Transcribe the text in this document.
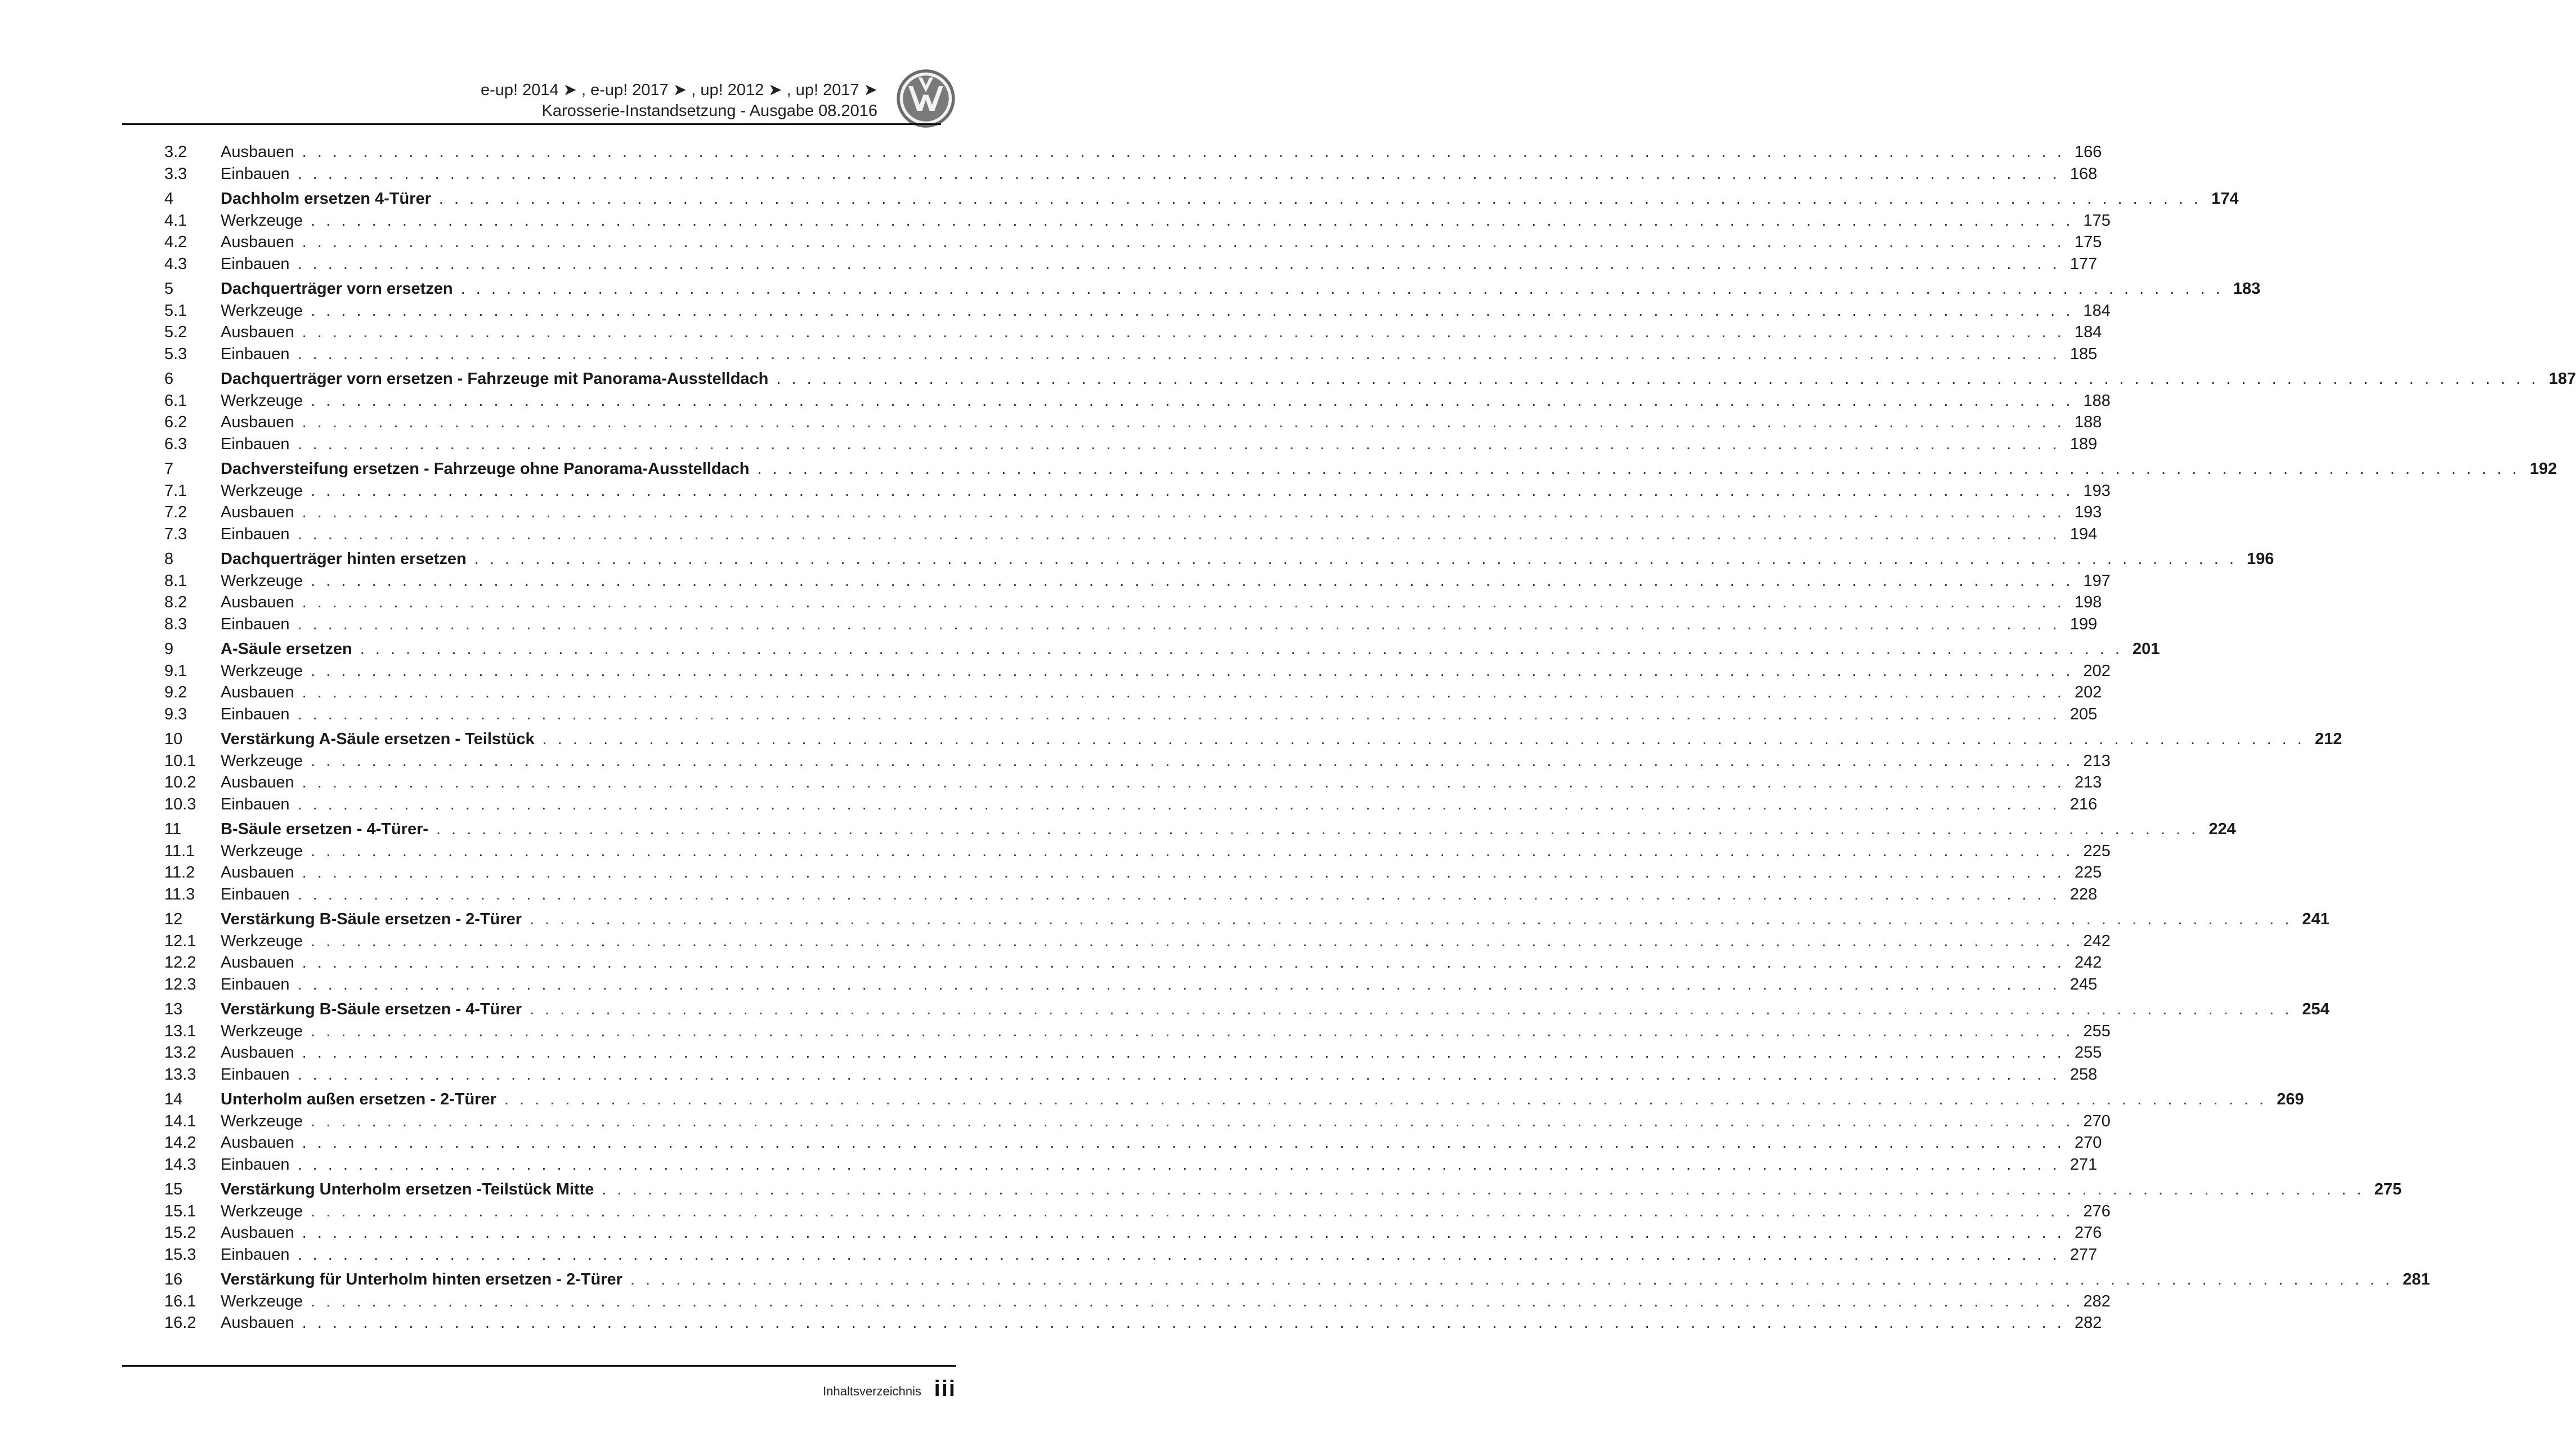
e-up! 2014 ➤ , e-up! 2017 ➤ , up! 2012 ➤ , up! 2017 ➤
Karosserie-Instandsetzung - Ausgabe 08.2016
3.2	Ausbauen . . . . . . . . . . . . . . . . . . . . . . . . . . . . . . . . . . . . . . . . . . . . . . . . . . . . . . . . . . . . . . . . . . . . . . . . . . . . . . . . . . . . . . . . . . . . . . . . . . . . . . . . . . . . . . . . . . . . 166
3.3	Einbauen . . . . . . . . . . . . . . . . . . . . . . . . . . . . . . . . . . . . . . . . . . . . . . . . . . . . . . . . . . . . . . . . . . . . . . . . . . . . . . . . . . . . . . . . . . . . . . . . . . . . . . . . . . . . . . . . . . . . 168
4	Dachholm ersetzen 4-Türer . . . . . . . . . . . . . . . . . . . . . . . . . . . . . . . . . . . . . . . . . . . . . . . . . . . . . . . . . . . . . . . . . . . . . . . . . . . . . . . . . . . . . . . . . . . . . . . . . . . . . . . . . . . . . . . . . . . . 174
4.1	Werkzeuge . . . . . . . . . . . . . . . . . . . . . . . . . . . . . . . . . . . . . . . . . . . . . . . . . . . . . . . . . . . . . . . . . . . . . . . . . . . . . . . . . . . . . . . . . . . . . . . . . . . . . . . . . . . . . . . . . . . . 175
4.2	Ausbauen . . . . . . . . . . . . . . . . . . . . . . . . . . . . . . . . . . . . . . . . . . . . . . . . . . . . . . . . . . . . . . . . . . . . . . . . . . . . . . . . . . . . . . . . . . . . . . . . . . . . . . . . . . . . . . . . . . . . 175
4.3	Einbauen . . . . . . . . . . . . . . . . . . . . . . . . . . . . . . . . . . . . . . . . . . . . . . . . . . . . . . . . . . . . . . . . . . . . . . . . . . . . . . . . . . . . . . . . . . . . . . . . . . . . . . . . . . . . . . . . . . . . 177
5	Dachquerträger vorn ersetzen . . . . . . . . . . . . . . . . . . . . . . . . . . . . . . . . . . . . . . . . . . . . . . . . . . . . . . . . . . . . . . . . . . . . . . . . . . . . . . . . . . . . . . . . . . . . . . . . . . . . . . . . . . . . . . . . . . . . 183
5.1	Werkzeuge . . . . . . . . . . . . . . . . . . . . . . . . . . . . . . . . . . . . . . . . . . . . . . . . . . . . . . . . . . . . . . . . . . . . . . . . . . . . . . . . . . . . . . . . . . . . . . . . . . . . . . . . . . . . . . . . . . . . 184
5.2	Ausbauen . . . . . . . . . . . . . . . . . . . . . . . . . . . . . . . . . . . . . . . . . . . . . . . . . . . . . . . . . . . . . . . . . . . . . . . . . . . . . . . . . . . . . . . . . . . . . . . . . . . . . . . . . . . . . . . . . . . . 184
5.3	Einbauen . . . . . . . . . . . . . . . . . . . . . . . . . . . . . . . . . . . . . . . . . . . . . . . . . . . . . . . . . . . . . . . . . . . . . . . . . . . . . . . . . . . . . . . . . . . . . . . . . . . . . . . . . . . . . . . . . . . . 185
6	Dachquerträger vorn ersetzen - Fahrzeuge mit Panorama-Ausstelldach . . . . . . . . . . . . . . . . . . . . . . . . . . . . . . . . . . . . . . . . . . . . . . . . . . . . . . . . . . . . . . . . . . . . . . . . . . . . . . . . . . . . . . . . . . . . . . . . . . . . . . . . . . . . . . . . . . . . 187
6.1	Werkzeuge . . . . . . . . . . . . . . . . . . . . . . . . . . . . . . . . . . . . . . . . . . . . . . . . . . . . . . . . . . . . . . . . . . . . . . . . . . . . . . . . . . . . . . . . . . . . . . . . . . . . . . . . . . . . . . . . . . . . 188
6.2	Ausbauen . . . . . . . . . . . . . . . . . . . . . . . . . . . . . . . . . . . . . . . . . . . . . . . . . . . . . . . . . . . . . . . . . . . . . . . . . . . . . . . . . . . . . . . . . . . . . . . . . . . . . . . . . . . . . . . . . . . . 188
6.3	Einbauen . . . . . . . . . . . . . . . . . . . . . . . . . . . . . . . . . . . . . . . . . . . . . . . . . . . . . . . . . . . . . . . . . . . . . . . . . . . . . . . . . . . . . . . . . . . . . . . . . . . . . . . . . . . . . . . . . . . . 189
7	Dachversteifung ersetzen - Fahrzeuge ohne Panorama-Ausstelldach . . . . . . . . . . . . . . . . . . . . . . . . . . . . . . . . . . . . . . . . . . . . . . . . . . . . . . . . . . . . . . . . . . . . . . . . . . . . . . . . . . . . . . . . . . . . . . . . . . . . . . . . . . . . . . . . . . . . 192
7.1	Werkzeuge . . . . . . . . . . . . . . . . . . . . . . . . . . . . . . . . . . . . . . . . . . . . . . . . . . . . . . . . . . . . . . . . . . . . . . . . . . . . . . . . . . . . . . . . . . . . . . . . . . . . . . . . . . . . . . . . . . . . 193
7.2	Ausbauen . . . . . . . . . . . . . . . . . . . . . . . . . . . . . . . . . . . . . . . . . . . . . . . . . . . . . . . . . . . . . . . . . . . . . . . . . . . . . . . . . . . . . . . . . . . . . . . . . . . . . . . . . . . . . . . . . . . . 193
7.3	Einbauen . . . . . . . . . . . . . . . . . . . . . . . . . . . . . . . . . . . . . . . . . . . . . . . . . . . . . . . . . . . . . . . . . . . . . . . . . . . . . . . . . . . . . . . . . . . . . . . . . . . . . . . . . . . . . . . . . . . . 194
8	Dachquerträger hinten ersetzen . . . . . . . . . . . . . . . . . . . . . . . . . . . . . . . . . . . . . . . . . . . . . . . . . . . . . . . . . . . . . . . . . . . . . . . . . . . . . . . . . . . . . . . . . . . . . . . . . . . . . . . . . . . . . . . . . . . . 196
8.1	Werkzeuge . . . . . . . . . . . . . . . . . . . . . . . . . . . . . . . . . . . . . . . . . . . . . . . . . . . . . . . . . . . . . . . . . . . . . . . . . . . . . . . . . . . . . . . . . . . . . . . . . . . . . . . . . . . . . . . . . . . . 197
8.2	Ausbauen . . . . . . . . . . . . . . . . . . . . . . . . . . . . . . . . . . . . . . . . . . . . . . . . . . . . . . . . . . . . . . . . . . . . . . . . . . . . . . . . . . . . . . . . . . . . . . . . . . . . . . . . . . . . . . . . . . . . 198
8.3	Einbauen . . . . . . . . . . . . . . . . . . . . . . . . . . . . . . . . . . . . . . . . . . . . . . . . . . . . . . . . . . . . . . . . . . . . . . . . . . . . . . . . . . . . . . . . . . . . . . . . . . . . . . . . . . . . . . . . . . . . 199
9	A-Säule ersetzen . . . . . . . . . . . . . . . . . . . . . . . . . . . . . . . . . . . . . . . . . . . . . . . . . . . . . . . . . . . . . . . . . . . . . . . . . . . . . . . . . . . . . . . . . . . . . . . . . . . . . . . . . . . . . . . . . . . . 201
9.1	Werkzeuge . . . . . . . . . . . . . . . . . . . . . . . . . . . . . . . . . . . . . . . . . . . . . . . . . . . . . . . . . . . . . . . . . . . . . . . . . . . . . . . . . . . . . . . . . . . . . . . . . . . . . . . . . . . . . . . . . . . . 202
9.2	Ausbauen . . . . . . . . . . . . . . . . . . . . . . . . . . . . . . . . . . . . . . . . . . . . . . . . . . . . . . . . . . . . . . . . . . . . . . . . . . . . . . . . . . . . . . . . . . . . . . . . . . . . . . . . . . . . . . . . . . . . 202
9.3	Einbauen . . . . . . . . . . . . . . . . . . . . . . . . . . . . . . . . . . . . . . . . . . . . . . . . . . . . . . . . . . . . . . . . . . . . . . . . . . . . . . . . . . . . . . . . . . . . . . . . . . . . . . . . . . . . . . . . . . . . 205
10	Verstärkung A-Säule ersetzen - Teilstück . . . . . . . . . . . . . . . . . . . . . . . . . . . . . . . . . . . . . . . . . . . . . . . . . . . . . . . . . . . . . . . . . . . . . . . . . . . . . . . . . . . . . . . . . . . . . . . . . . . . . . . . . . . . . . . . . . . . 212
10.1	Werkzeuge . . . . . . . . . . . . . . . . . . . . . . . . . . . . . . . . . . . . . . . . . . . . . . . . . . . . . . . . . . . . . . . . . . . . . . . . . . . . . . . . . . . . . . . . . . . . . . . . . . . . . . . . . . . . . . . . . . . . 213
10.2	Ausbauen . . . . . . . . . . . . . . . . . . . . . . . . . . . . . . . . . . . . . . . . . . . . . . . . . . . . . . . . . . . . . . . . . . . . . . . . . . . . . . . . . . . . . . . . . . . . . . . . . . . . . . . . . . . . . . . . . . . . 213
10.3	Einbauen . . . . . . . . . . . . . . . . . . . . . . . . . . . . . . . . . . . . . . . . . . . . . . . . . . . . . . . . . . . . . . . . . . . . . . . . . . . . . . . . . . . . . . . . . . . . . . . . . . . . . . . . . . . . . . . . . . . . 216
11	B-Säule ersetzen - 4-Türer- . . . . . . . . . . . . . . . . . . . . . . . . . . . . . . . . . . . . . . . . . . . . . . . . . . . . . . . . . . . . . . . . . . . . . . . . . . . . . . . . . . . . . . . . . . . . . . . . . . . . . . . . . . . . . . . . . . . . 224
11.1	Werkzeuge . . . . . . . . . . . . . . . . . . . . . . . . . . . . . . . . . . . . . . . . . . . . . . . . . . . . . . . . . . . . . . . . . . . . . . . . . . . . . . . . . . . . . . . . . . . . . . . . . . . . . . . . . . . . . . . . . . . . 225
11.2	Ausbauen . . . . . . . . . . . . . . . . . . . . . . . . . . . . . . . . . . . . . . . . . . . . . . . . . . . . . . . . . . . . . . . . . . . . . . . . . . . . . . . . . . . . . . . . . . . . . . . . . . . . . . . . . . . . . . . . . . . . 225
11.3	Einbauen . . . . . . . . . . . . . . . . . . . . . . . . . . . . . . . . . . . . . . . . . . . . . . . . . . . . . . . . . . . . . . . . . . . . . . . . . . . . . . . . . . . . . . . . . . . . . . . . . . . . . . . . . . . . . . . . . . . . 228
12	Verstärkung B-Säule ersetzen - 2-Türer . . . . . . . . . . . . . . . . . . . . . . . . . . . . . . . . . . . . . . . . . . . . . . . . . . . . . . . . . . . . . . . . . . . . . . . . . . . . . . . . . . . . . . . . . . . . . . . . . . . . . . . . . . . . . . . . . . . . 241
12.1	Werkzeuge . . . . . . . . . . . . . . . . . . . . . . . . . . . . . . . . . . . . . . . . . . . . . . . . . . . . . . . . . . . . . . . . . . . . . . . . . . . . . . . . . . . . . . . . . . . . . . . . . . . . . . . . . . . . . . . . . . . . 242
12.2	Ausbauen . . . . . . . . . . . . . . . . . . . . . . . . . . . . . . . . . . . . . . . . . . . . . . . . . . . . . . . . . . . . . . . . . . . . . . . . . . . . . . . . . . . . . . . . . . . . . . . . . . . . . . . . . . . . . . . . . . . . 242
12.3	Einbauen . . . . . . . . . . . . . . . . . . . . . . . . . . . . . . . . . . . . . . . . . . . . . . . . . . . . . . . . . . . . . . . . . . . . . . . . . . . . . . . . . . . . . . . . . . . . . . . . . . . . . . . . . . . . . . . . . . . . 245
13	Verstärkung B-Säule ersetzen - 4-Türer . . . . . . . . . . . . . . . . . . . . . . . . . . . . . . . . . . . . . . . . . . . . . . . . . . . . . . . . . . . . . . . . . . . . . . . . . . . . . . . . . . . . . . . . . . . . . . . . . . . . . . . . . . . . . . . . . . . . 254
13.1	Werkzeuge . . . . . . . . . . . . . . . . . . . . . . . . . . . . . . . . . . . . . . . . . . . . . . . . . . . . . . . . . . . . . . . . . . . . . . . . . . . . . . . . . . . . . . . . . . . . . . . . . . . . . . . . . . . . . . . . . . . . 255
13.2	Ausbauen . . . . . . . . . . . . . . . . . . . . . . . . . . . . . . . . . . . . . . . . . . . . . . . . . . . . . . . . . . . . . . . . . . . . . . . . . . . . . . . . . . . . . . . . . . . . . . . . . . . . . . . . . . . . . . . . . . . . 255
13.3	Einbauen . . . . . . . . . . . . . . . . . . . . . . . . . . . . . . . . . . . . . . . . . . . . . . . . . . . . . . . . . . . . . . . . . . . . . . . . . . . . . . . . . . . . . . . . . . . . . . . . . . . . . . . . . . . . . . . . . . . . 258
14	Unterholm außen ersetzen - 2-Türer . . . . . . . . . . . . . . . . . . . . . . . . . . . . . . . . . . . . . . . . . . . . . . . . . . . . . . . . . . . . . . . . . . . . . . . . . . . . . . . . . . . . . . . . . . . . . . . . . . . . . . . . . . . . . . . . . . . . 269
14.1	Werkzeuge . . . . . . . . . . . . . . . . . . . . . . . . . . . . . . . . . . . . . . . . . . . . . . . . . . . . . . . . . . . . . . . . . . . . . . . . . . . . . . . . . . . . . . . . . . . . . . . . . . . . . . . . . . . . . . . . . . . . 270
14.2	Ausbauen . . . . . . . . . . . . . . . . . . . . . . . . . . . . . . . . . . . . . . . . . . . . . . . . . . . . . . . . . . . . . . . . . . . . . . . . . . . . . . . . . . . . . . . . . . . . . . . . . . . . . . . . . . . . . . . . . . . . 270
14.3	Einbauen . . . . . . . . . . . . . . . . . . . . . . . . . . . . . . . . . . . . . . . . . . . . . . . . . . . . . . . . . . . . . . . . . . . . . . . . . . . . . . . . . . . . . . . . . . . . . . . . . . . . . . . . . . . . . . . . . . . . 271
15	Verstärkung Unterholm ersetzen -Teilstück Mitte . . . . . . . . . . . . . . . . . . . . . . . . . . . . . . . . . . . . . . . . . . . . . . . . . . . . . . . . . . . . . . . . . . . . . . . . . . . . . . . . . . . . . . . . . . . . . . . . . . . . . . . . . . . . . . . . . . . . 275
15.1	Werkzeuge . . . . . . . . . . . . . . . . . . . . . . . . . . . . . . . . . . . . . . . . . . . . . . . . . . . . . . . . . . . . . . . . . . . . . . . . . . . . . . . . . . . . . . . . . . . . . . . . . . . . . . . . . . . . . . . . . . . . 276
15.2	Ausbauen . . . . . . . . . . . . . . . . . . . . . . . . . . . . . . . . . . . . . . . . . . . . . . . . . . . . . . . . . . . . . . . . . . . . . . . . . . . . . . . . . . . . . . . . . . . . . . . . . . . . . . . . . . . . . . . . . . . . 276
15.3	Einbauen . . . . . . . . . . . . . . . . . . . . . . . . . . . . . . . . . . . . . . . . . . . . . . . . . . . . . . . . . . . . . . . . . . . . . . . . . . . . . . . . . . . . . . . . . . . . . . . . . . . . . . . . . . . . . . . . . . . . 277
16	Verstärkung für Unterholm hinten ersetzen - 2-Türer . . . . . . . . . . . . . . . . . . . . . . . . . . . . . . . . . . . . . . . . . . . . . . . . . . . . . . . . . . . . . . . . . . . . . . . . . . . . . . . . . . . . . . . . . . . . . . . . . . . . . . . . . . . . . . . . . . . . 281
16.1	Werkzeuge . . . . . . . . . . . . . . . . . . . . . . . . . . . . . . . . . . . . . . . . . . . . . . . . . . . . . . . . . . . . . . . . . . . . . . . . . . . . . . . . . . . . . . . . . . . . . . . . . . . . . . . . . . . . . . . . . . . . 282
16.2	Ausbauen . . . . . . . . . . . . . . . . . . . . . . . . . . . . . . . . . . . . . . . . . . . . . . . . . . . . . . . . . . . . . . . . . . . . . . . . . . . . . . . . . . . . . . . . . . . . . . . . . . . . . . . . . . . . . . . . . . . . 282
Inhaltsverzeichnis iii
